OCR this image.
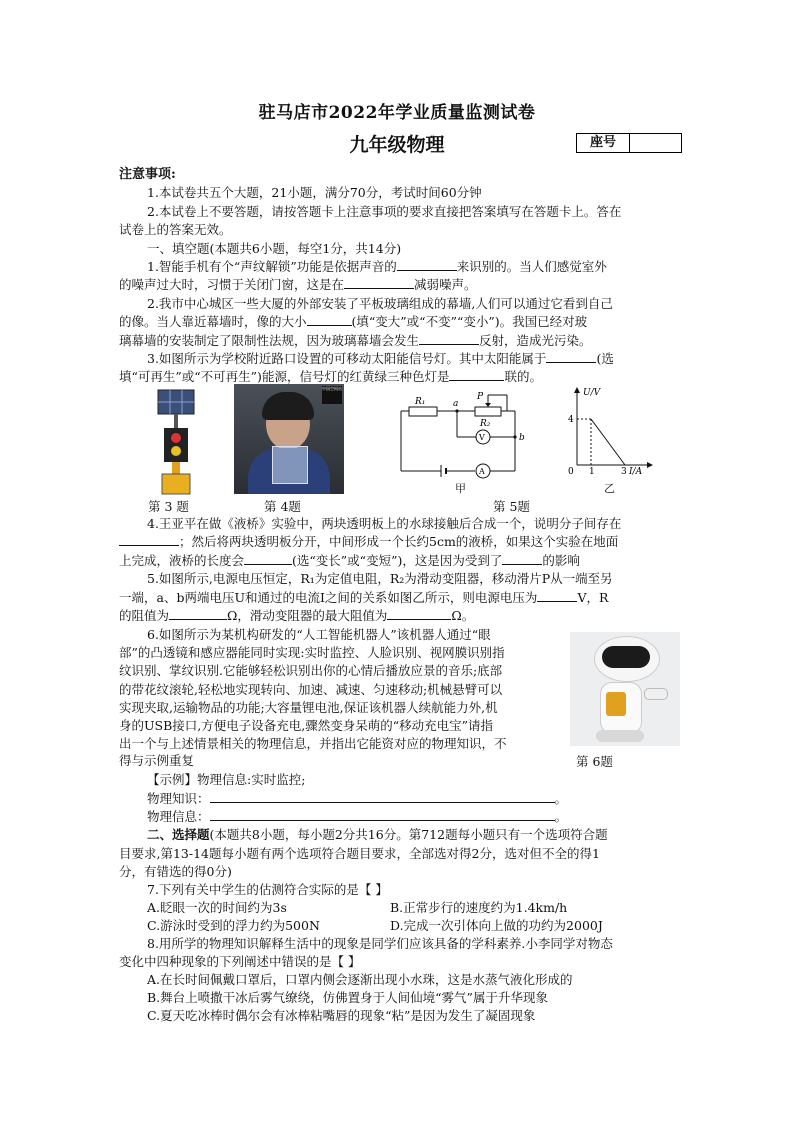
驻马店市2022年学业质量监测试卷
九年级物理	座号
注意事项:
1.本试卷共五个大题，21小题，满分70分，考试时间60分钟
2.本试卷上不要答题，请按答题卡上注意事项的要求直接把答案填写在答题卡上。答在
试卷上的答案无效。
一、填空题(本题共6小题，每空1分，共14分)
1.智能手机有个“声纹解锁”功能是依据声音的	来识别的。当人们感觉室外
的噪声过大时，习惯于关闭门窗，这是在	减弱噪声。
2.我市中心城区一些大厦的外部安装了平板玻璃组成的幕墙,人们可以通过它看到自己
的像。当人靠近幕墙时，像的大小	(填“变大”或“不变”“变小”)。我国已经对玻
璃幕墙的安装制定了限制性法规，因为玻璃幕墙会发生	反射，造成光污染。
3.如图所示为学校附近路口设置的可移动太阳能信号灯。其中太阳能属于	(选
填“可再生”或“不可再生”)能源，信号灯的红黄绿三种色灯是	联的。
中国空间站
R₁	a
P
R₂
V	b
A
甲
U/V
4
0 1	3 I/A
乙
第 3 题	第 4题	第 5题
4.王亚平在做《液桥》实验中，两块透明板上的水球接触后合成一个，说明分子间存在
；然后将两块透明板分开，中间形成一个长约5cm的液桥，如果这个实验在地面
上完成，液桥的长度会	(选“变长”或“变短”)，这是因为受到了	的影响
5.如图所示,电源电压恒定，R₁为定值电阻，R₂为滑动变阻器，移动滑片P从一端至另
一端，a、b两端电压U和通过的电流I之间的关系如图乙所示，则电源电压为	V，R
的阻值为	Ω，滑动变阻器的最大阻值为	Ω。
6.如图所示为某机构研发的“人工智能机器人”该机器人通过“眼
部”的凸透镜和感应器能同时实现:实时监控、人脸识别、视网膜识别指
纹识别、掌纹识别.它能够轻松识别出你的心情后播放应景的音乐;底部
的带花纹滚轮,轻松地实现转向、加速、减速、匀速移动;机械悬臂可以
实现夹取,运输物品的功能;大容量锂电池,保证该机器人续航能力外,机
身的USB接口,方便电子设备充电,骤然变身呆萌的“移动充电宝”请指
出一个与上述情景相关的物理信息，并指出它能资对应的物理知识，不
得与示例重复	第 6题
【示例】物理信息:实时监控;
物理知识：	。
物理信息：	。
二、选择题(本题共8小题，每小题2分共16分。第712题每小题只有一个选项符合题
目要求,第13-14题每小题有两个选项符合题目要求，全部选对得2分，选对但不全的得1
分，有错选的得0分)
7.下列有关中学生的估测符合实际的是【 】
A.眨眼一次的时间约为3s	B.正常步行的速度约为1.4km/h
C.游泳时受到的浮力约为500N	D.完成一次引体向上做的功约为2000J
8.用所学的物理知识解释生活中的现象是同学们应该具备的学科素养.小李同学对物态
变化中四种现象的下列阐述中错误的是【 】
A.在长时间佩戴口罩后，口罩内侧会逐渐出现小水珠，这是水蒸气液化形成的
B.舞台上喷撒干冰后雾气缭绕，仿佛置身于人间仙境“雾气”属于升华现象
C.夏天吃冰棒时偶尔会有冰棒粘嘴唇的现象“粘”是因为发生了凝固现象
